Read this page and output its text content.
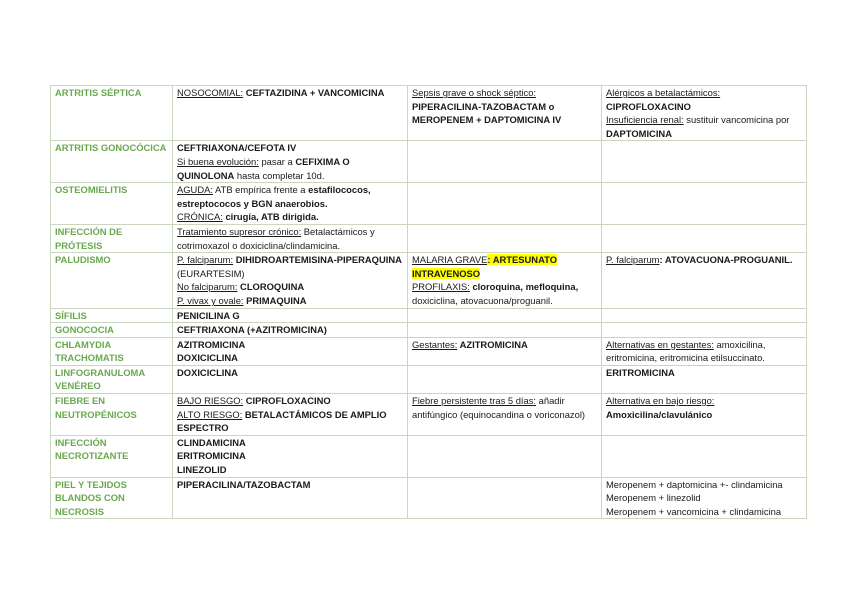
ARTRITIS SÉPTICA	NOSOCOMIAL: CEFTAZIDINA + VANCOMICINA	Sepsis grave o shock séptico:
PIPERACILINA-TAZOBACTAM o
MEROPENEM + DAPTOMICINA IV	Alérgicos a betalactámicos:
CIPROFLOXACINO
Insuficiencia renal: sustituir vancomicina por DAPTOMICINA

ARTRITIS GONOCÓCICA	CEFTRIAXONA/CEFOTA IV
Si buena evolución: pasar a CEFIXIMA O QUINOLONA hasta completar 10d.		

OSTEOMIELITIS	AGUDA: ATB empírica frente a estafilococos, estreptococos y BGN anaerobios.
CRÓNICA: cirugía, ATB dirigida.		

INFECCIÓN DE PRÓTESIS	Tratamiento supresor crónico: Betalactámicos y cotrimoxazol o doxiciclina/clindamicina.		

PALUDISMO	P. falciparum: DIHIDROARTEMISINA-PIPERAQUINA (EURARTESIM)
No falciparum: CLOROQUINA
P. vivax y ovale: PRIMAQUINA	MALARIA GRAVE: ARTESUNATO INTRAVENOSO
PROFILAXIS: cloroquina, mefloquina, doxiciclina, atovacuona/proguanil.	P. falciparum: ATOVACUONA-PROGUANIL.

SÍFILIS	PENICILINA G		

GONOCOCIA	CEFTRIAXONA (+AZITROMICINA)		

CHLAMYDIA TRACHOMATIS	AZITROMICINA
DOXICICLINA	Gestantes: AZITROMICINA	Alternativas en gestantes: amoxicilina, eritromicina, eritromicina etilsuccinato.

LINFOGRANULOMA VENÉREO	DOXICICLINA		ERITROMICINA

FIEBRE EN NEUTROPÉNICOS	BAJO RIESGO: CIPROFLOXACINO
ALTO RIESGO: BETALACTÁMICOS DE AMPLIO ESPECTRO	Fiebre persistente tras 5 días: añadir antifúngico (equinocandina o voriconazol)	Alternativa en bajo riesgo:
Amoxicilina/clavulánico

INFECCIÓN NECROTIZANTE	CLINDAMICINA
ERITROMICINA
LINEZOLID		

PIEL Y TEJIDOS BLANDOS CON NECROSIS	PIPERACILINA/TAZOBACTAM		Meropenem + daptomicina +- clindamicina
Meropenem + linezolid
Meropenem + vancomicina + clindamicina
